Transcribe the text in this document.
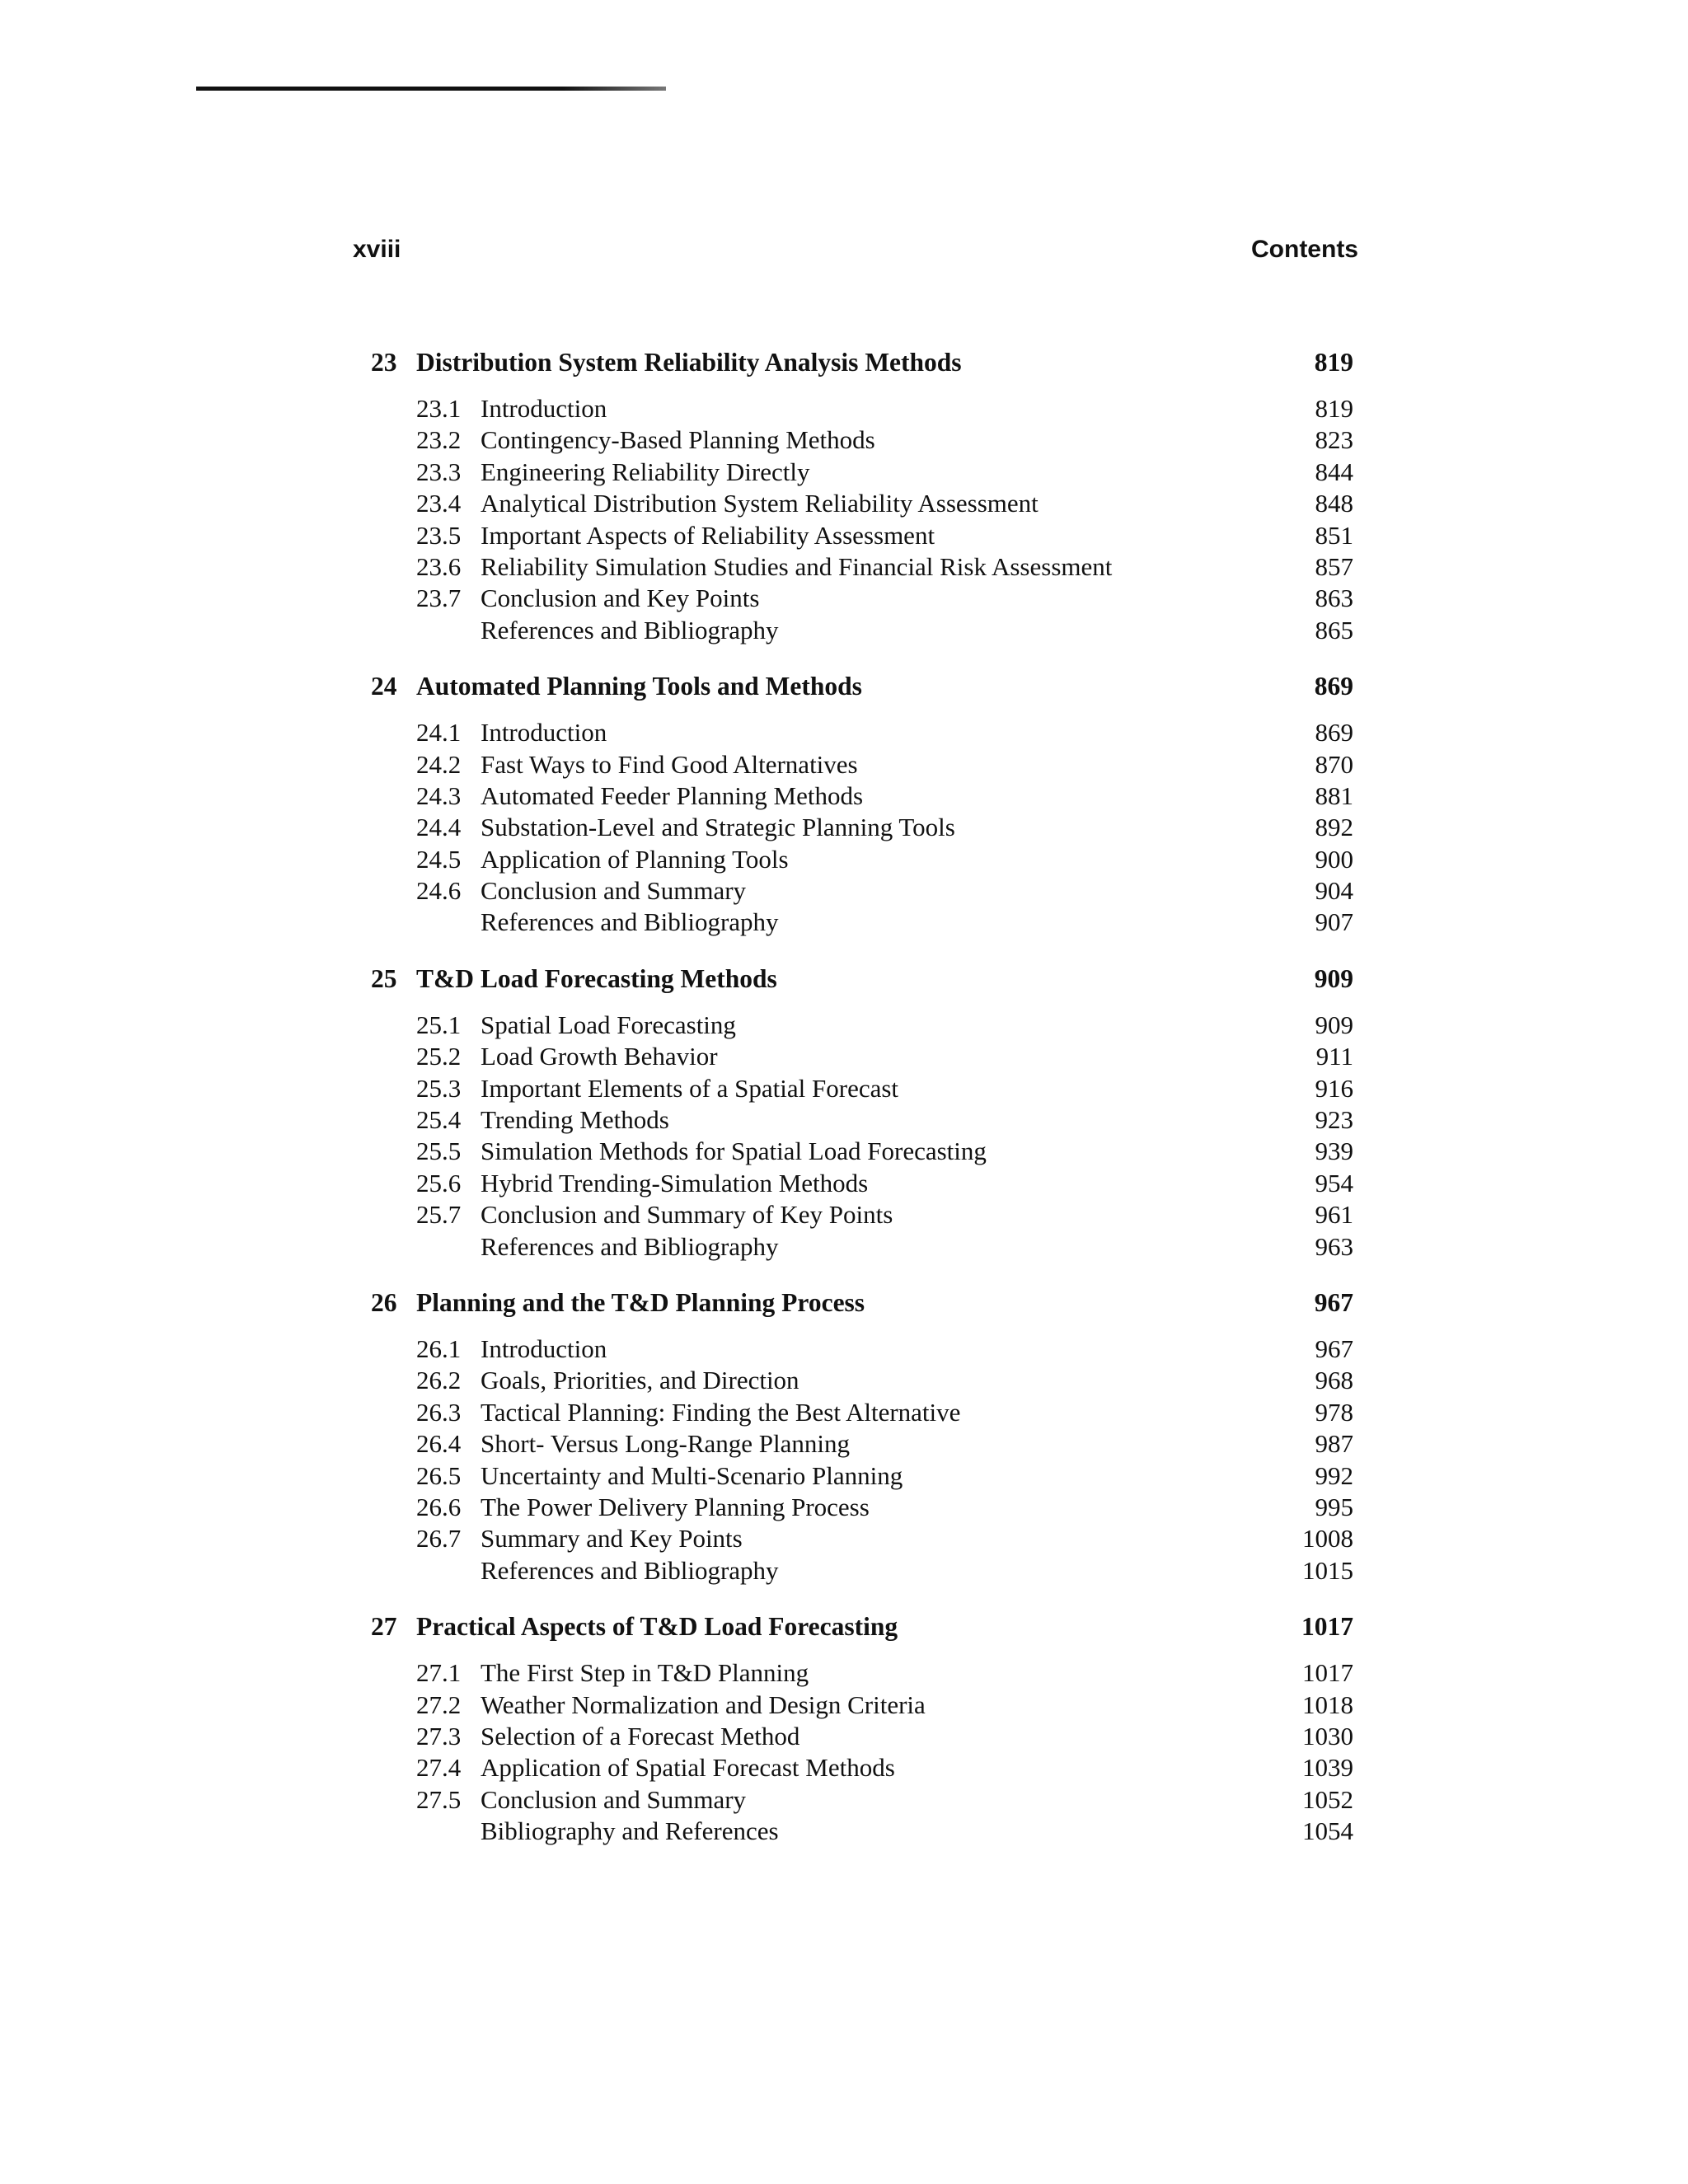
xviii	Contents
23 Distribution System Reliability Analysis Methods	819
23.1 Introduction	819
23.2 Contingency-Based Planning Methods	823
23.3 Engineering Reliability Directly	844
23.4 Analytical Distribution System Reliability Assessment	848
23.5 Important Aspects of Reliability Assessment	851
23.6 Reliability Simulation Studies and Financial Risk Assessment	857
23.7 Conclusion and Key Points	863
References and Bibliography	865
24 Automated Planning Tools and Methods	869
24.1 Introduction	869
24.2 Fast Ways to Find Good Alternatives	870
24.3 Automated Feeder Planning Methods	881
24.4 Substation-Level and Strategic Planning Tools	892
24.5 Application of Planning Tools	900
24.6 Conclusion and Summary	904
References and Bibliography	907
25 T&D Load Forecasting Methods	909
25.1 Spatial Load Forecasting	909
25.2 Load Growth Behavior	911
25.3 Important Elements of a Spatial Forecast	916
25.4 Trending Methods	923
25.5 Simulation Methods for Spatial Load Forecasting	939
25.6 Hybrid Trending-Simulation Methods	954
25.7 Conclusion and Summary of Key Points	961
References and Bibliography	963
26 Planning and the T&D Planning Process	967
26.1 Introduction	967
26.2 Goals, Priorities, and Direction	968
26.3 Tactical Planning: Finding the Best Alternative	978
26.4 Short- Versus Long-Range Planning	987
26.5 Uncertainty and Multi-Scenario Planning	992
26.6 The Power Delivery Planning Process	995
26.7 Summary and Key Points	1008
References and Bibliography	1015
27 Practical Aspects of T&D Load Forecasting	1017
27.1 The First Step in T&D Planning	1017
27.2 Weather Normalization and Design Criteria	1018
27.3 Selection of a Forecast Method	1030
27.4 Application of Spatial Forecast Methods	1039
27.5 Conclusion and Summary	1052
Bibliography and References	1054
